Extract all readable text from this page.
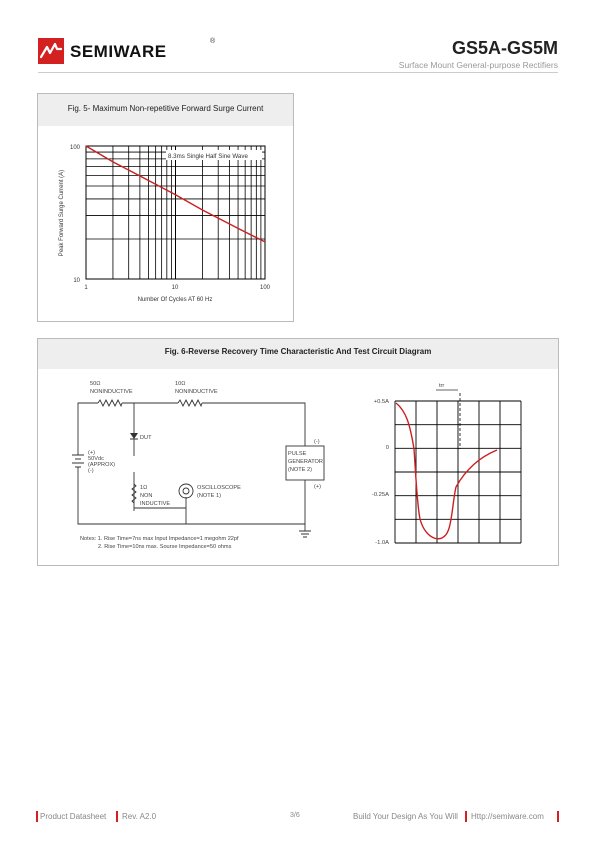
SEMIWARE
®	GS5A-GS5M
Surface Mount General-purpose Rectifiers
Fig. 5- Maximum Non-repetitive Forward Surge Current
8.3ms Single Half Sine Wave
100
10
1	10	100
Number Of Cycles AT 60 Hz
Peak Forward Surge Current (A)
Fig. 6-Reverse Recovery Time Characteristic And Test Circuit Diagram
50Ω
NONINDUCTIVE
10Ω
NONINDUCTIVE
DUT
(+)
50Vdc
(APPROX)
(-)
1Ω
NON
INDUCTIVE
OSCILLOSCOPE
(NOTE 1)
(-)
PULSE
GENERATOR
(NOTE 2)
(+)
Notes: 1. Rise Time=7ns max Input Impedance=1 megohm 22pf
2. Rise Time=10ns max. Sourse Impedance=50 ohms
trr
+0.5A
0
-0.25A
-1.0A
Product Datasheet Rev. A2.0	3/6	Build Your Design As You Will Http://semiware.com
